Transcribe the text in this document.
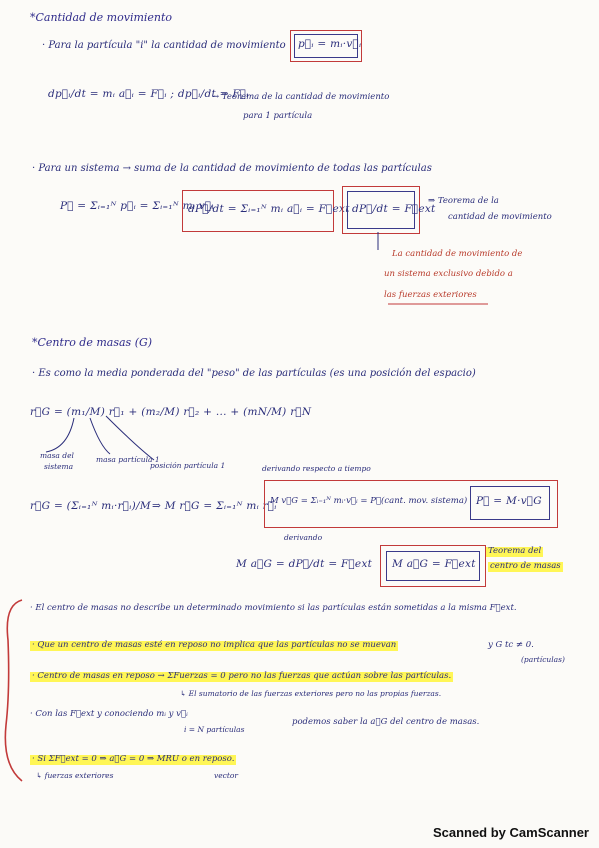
*Cantidad de movimiento
· Para la partícula "i" la cantidad de movimiento p⃗ᵢ = mᵢ·v⃗ᵢ
dp⃗ᵢ/dt = mᵢ a⃗ᵢ = F⃗ᵢ ; dp⃗ᵢ/dt = F⃗ᵢ
→ Teorema de la cantidad de movimiento
para 1 partícula
· Para un sistema → suma de la cantidad de movimiento de todas las partículas
P⃗ = Σᵢ₌₁ᴺ p⃗ᵢ = Σᵢ₌₁ᴺ mᵢ v⃗ᵢ
dP⃗/dt = Σᵢ₌₁ᴺ mᵢ a⃗ᵢ = F⃗ext dP⃗/dt = F⃗ext
⇒ Teorema de la
cantidad de movimiento
La cantidad de movimiento de
un sistema exclusivo debido a
las fuerzas exteriores
*Centro de masas (G)
· Es como la media ponderada del "peso" de las partículas (es una posición del espacio)
r⃗G = (m₁/M) r⃗₁ + (m₂/M) r⃗₂ + ... + (mN/M) r⃗N
masa del
sistema
masa partícula 1
posición partícula 1	derivando respecto a tiempo
r⃗G = (Σᵢ₌₁ᴺ mᵢ·r⃗ᵢ)/M ⇒ M r⃗̇G = Σᵢ₌₁ᴺ mᵢ r⃗̇ᵢ
M v⃗G = Σᵢ₌₁ᴺ mᵢ·v⃗ᵢ = P⃗(cant. mov. sistema) P⃗ = M·v⃗G
derivando
M a⃗G = dP⃗/dt = F⃗ext M a⃗G = F⃗ext
Teorema del
centro de masas
· El centro de masas no describe un determinado movimiento si las partículas están sometidas a la misma F⃗ext.
· Que un centro de masas esté en reposo no implica que las partículas no se muevan	y G tc ≠ 0.
(partículas)
· Centro de masas en reposo → ΣFuerzas = 0 pero no las fuerzas que actúan sobre las partículas.
↳ El sumatorio de las fuerzas exteriores pero no las propias fuerzas.
· Con las F⃗ext y conociendo mᵢ y v⃗ᵢ
podemos saber la a⃗G del centro de masas.
i = N partículas
· Si ΣF⃗ext = 0 ⇒ a⃗G = 0 ⇒ MRU o en reposo.
↳ fuerzas exteriores	vector
Scanned by CamScanner
